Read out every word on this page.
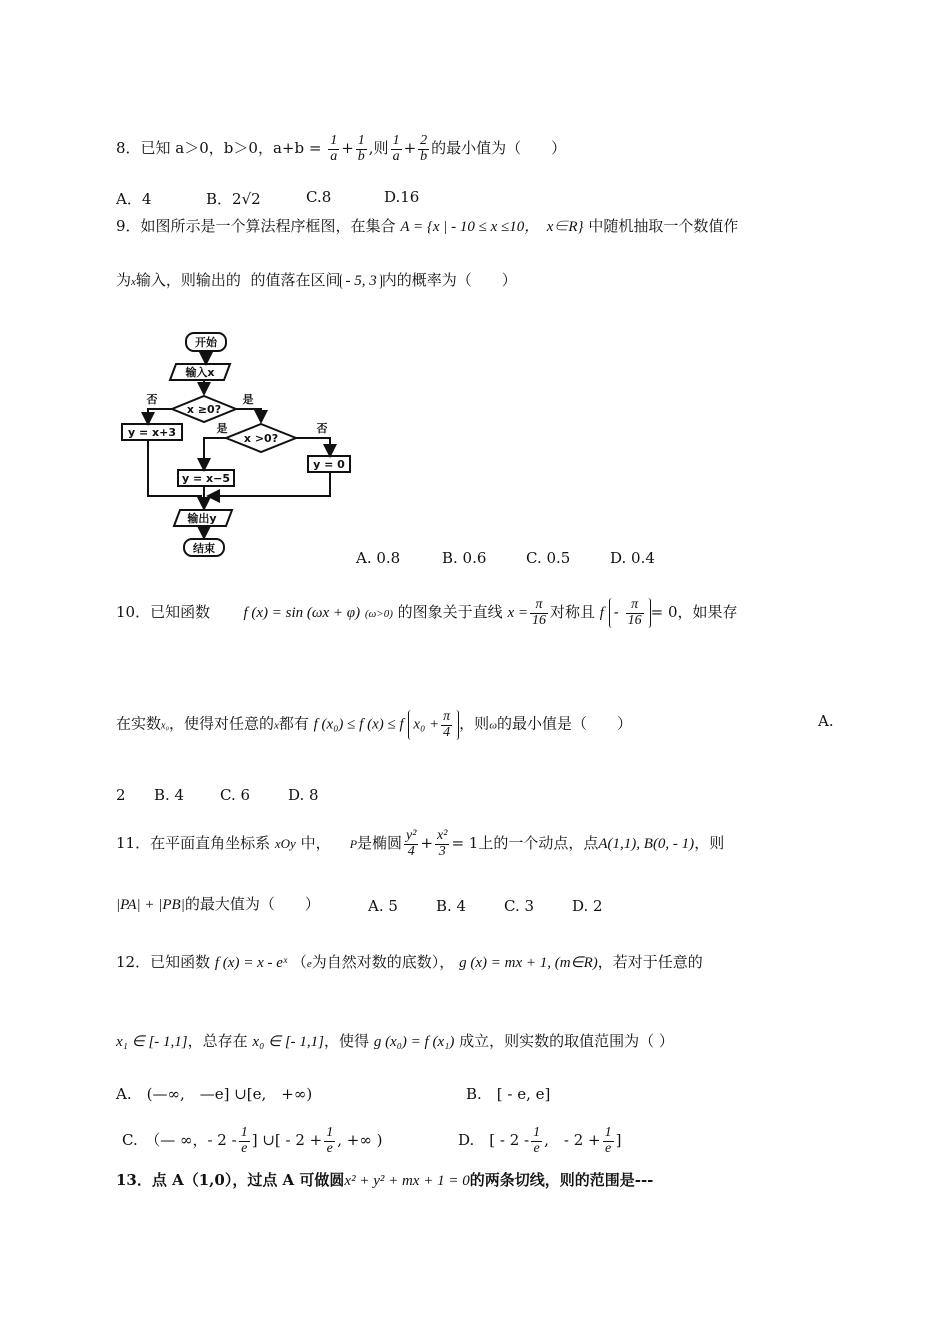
8．已知 a＞0，b＞0，$a+b = \frac{1}{a} + \frac{1}{b}$ ,则 $\frac{1}{a} + \frac{2}{b}$ 的最小值为（　　）
A．4	B．2√2	C.8	D.16
9．如图所示是一个算法程序框图，在集合 A = {x | - 10 ≤ x ≤10，　x∈R} 中随机抽取一个数值作
为x输入，则输出的 的值落在区间 - 5, 3 内的概率为（　　）
开始
输入x
x ≥0?
否	是
y = x+3	x >0?
是	否
y = 0
y = x−5
输出y
结束
A. 0.8	B. 0.6	C. 0.5	D. 0.4
10．已知函数 f (x) = sin (ωx + φ) (ω>0) 的图象关于直线 $x = \frac{\pi}{16}$ 对称且 $f - \frac{\pi}{16} = 0$，如果存
在实数x₀，使得对任意的x都有 f (x₀) ≤ f (x) ≤ f $x_0 + \frac{\pi}{4}$ ，则ω的最小值是（　　）	A.
2 B. 4 C. 6	D. 8
11．在平面直角坐标系 xOy 中， P是椭圆 $\frac{\text{y²}}{4} + \frac{\text{x²}}{3} = 1$上的一个动点，点A(1,1), B(0, - 1)，则
|PA| + |PB|的最大值为（　　）	A. 5	B. 4	C. 3	D. 2
12．已知函数 f (x) = x - eˣ （e为自然对数的底数）， g (x) = mx + 1, (m∈R)，若对于任意的
x₁ ∈ [- 1,1]，总存在 x₀ ∈ [- 1,1]，使得 g (x₀) = f (x₁) 成立，则实数的取值范围为（ ）
A.　(—∞,　—e] ∪[e,　+∞)	B.　[ - e, e]
C.　（— ∞，- $2 - \frac{1}{e}$ ] ∪[ - $2 + \frac{1}{e}$ , +∞ )	D.　[ - $2 - \frac{1}{e}$ ,　- $2 + \frac{1}{e}$ ]
13．点 A（1,0），过点 A 可做圆x² + y² + mx + 1 = 0的两条切线，则的范围是---
